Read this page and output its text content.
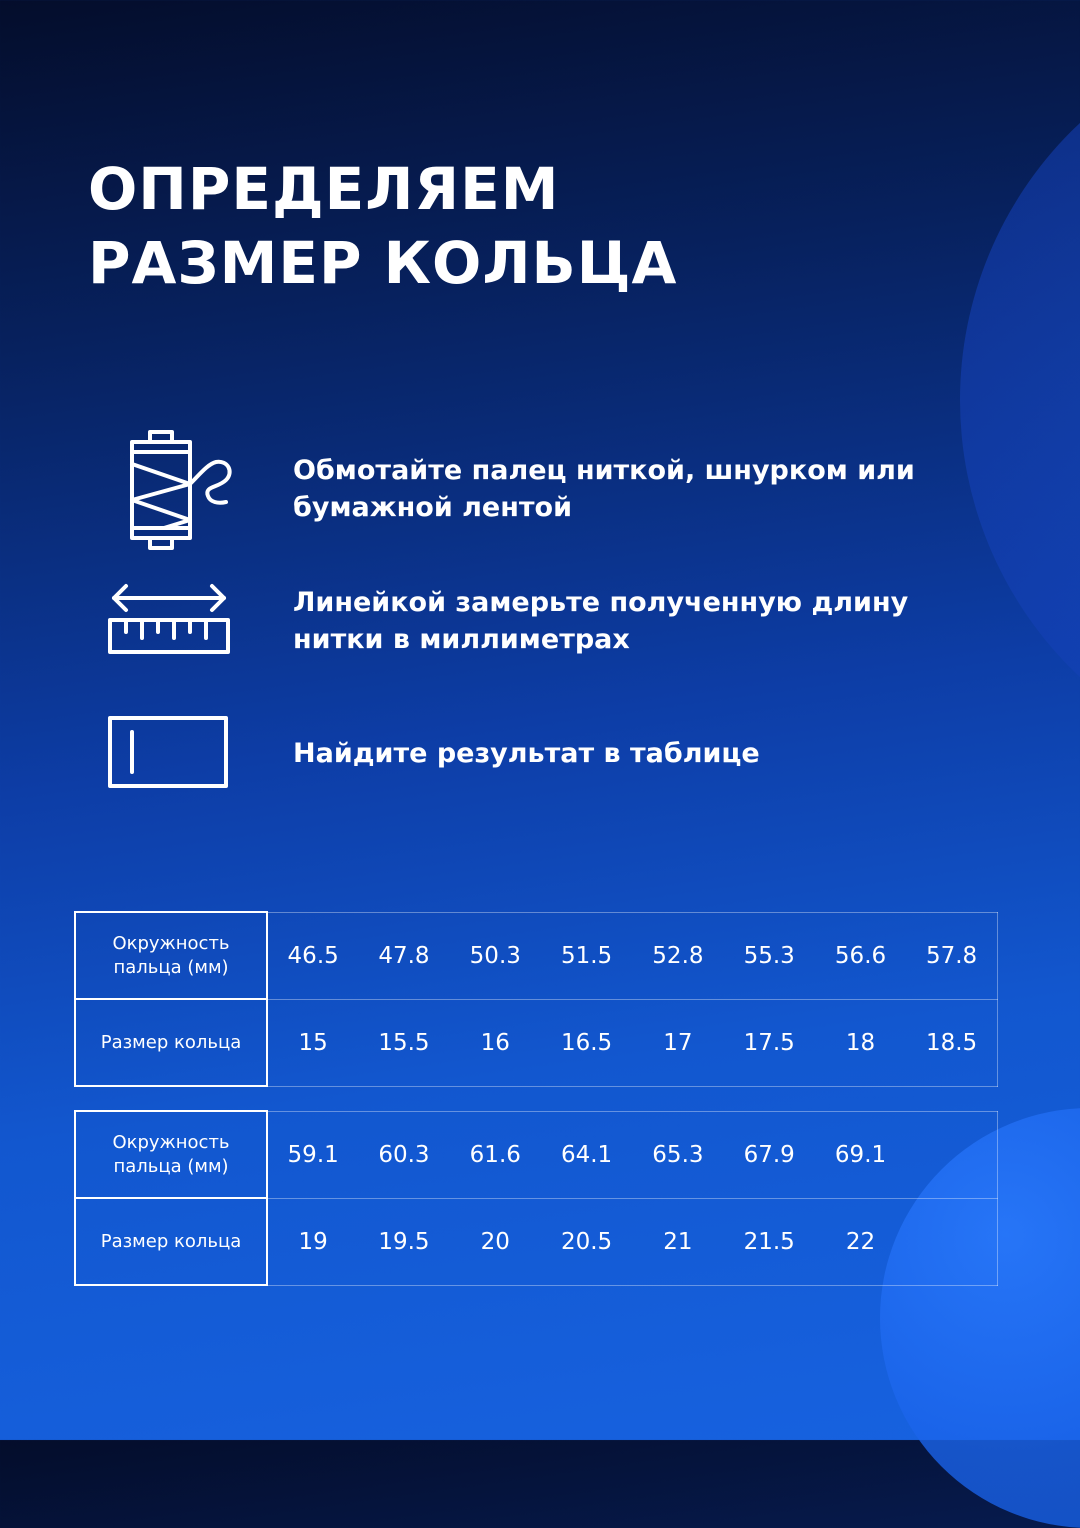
ОПРЕДЕЛЯЕМ
РАЗМЕР КОЛЬЦА
Обмотайте палец ниткой, шнурком или бумажной лентой
Линейкой замерьте полученную длину нитки в миллиметрах
Найдите результат в таблице
Окружность пальца (мм)	46.5	47.8	50.3	51.5	52.8	55.3	56.6	57.8
Размер кольца	15	15.5	16	16.5	17	17.5	18	18.5
Окружность пальца (мм)	59.1	60.3	61.6	64.1	65.3	67.9	69.1	
Размер кольца	19	19.5	20	20.5	21	21.5	22	
